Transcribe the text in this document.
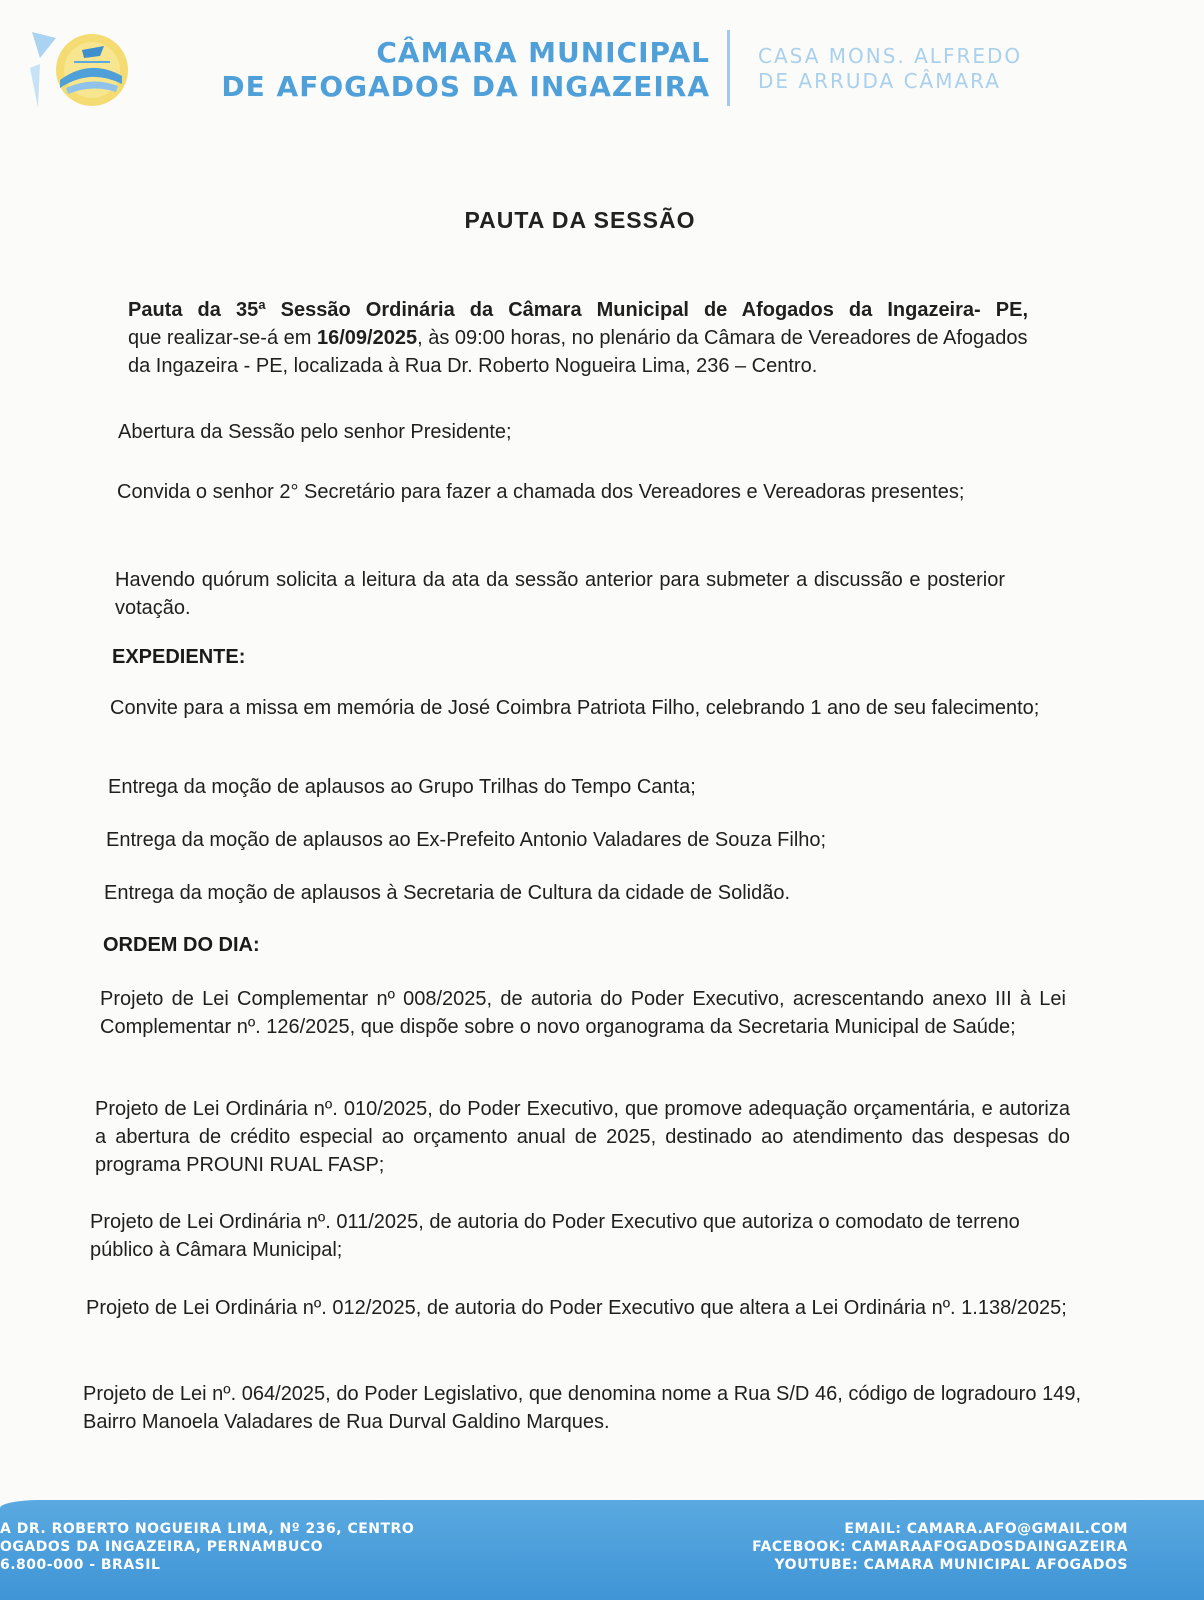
CÂMARA MUNICIPAL
DE AFOGADOS DA INGAZEIRA
CASA MONS. ALFREDO
DE ARRUDA CÂMARA
PAUTA DA SESSÃO
Pauta da 35ª Sessão Ordinária da Câmara Municipal de Afogados da Ingazeira- PE,
que realizar-se-á em 16/09/2025, às 09:00 horas, no plenário da Câmara de Vereadores de Afogados da Ingazeira - PE, localizada à Rua Dr. Roberto Nogueira Lima, 236 – Centro.
Abertura da Sessão pelo senhor Presidente;
Convida o senhor 2° Secretário para fazer a chamada dos Vereadores e Vereadoras presentes;
Havendo quórum solicita a leitura da ata da sessão anterior para submeter a discussão e posterior votação.
EXPEDIENTE:
Convite para a missa em memória de José Coimbra Patriota Filho, celebrando 1 ano de seu falecimento;
Entrega da moção de aplausos ao Grupo Trilhas do Tempo Canta;
Entrega da moção de aplausos ao Ex-Prefeito Antonio Valadares de Souza Filho;
Entrega da moção de aplausos à Secretaria de Cultura da cidade de Solidão.
ORDEM DO DIA:
Projeto de Lei Complementar nº 008/2025, de autoria do Poder Executivo, acrescentando anexo III à Lei Complementar nº. 126/2025, que dispõe sobre o novo organograma da Secretaria Municipal de Saúde;
Projeto de Lei Ordinária nº. 010/2025, do Poder Executivo, que promove adequação orçamentária, e autoriza a abertura de crédito especial ao orçamento anual de 2025, destinado ao atendimento das despesas do programa PROUNI RUAL FASP;
Projeto de Lei Ordinária nº. 011/2025, de autoria do Poder Executivo que autoriza o comodato de terreno público à Câmara Municipal;
Projeto de Lei Ordinária nº. 012/2025, de autoria do Poder Executivo que altera a Lei Ordinária nº. 1.138/2025;
Projeto de Lei nº. 064/2025, do Poder Legislativo, que denomina nome a Rua S/D 46, código de logradouro 149, Bairro Manoela Valadares de Rua Durval Galdino Marques.
A DR. ROBERTO NOGUEIRA LIMA, Nº 236, CENTRO
OGADOS DA INGAZEIRA, PERNAMBUCO
6.800-000 - BRASIL
EMAIL: CAMARA.AFO@GMAIL.COM
FACEBOOK: CAMARAAFOGADOSDAINGAZEIRA
YOUTUBE: CAMARA MUNICIPAL AFOGADOS
